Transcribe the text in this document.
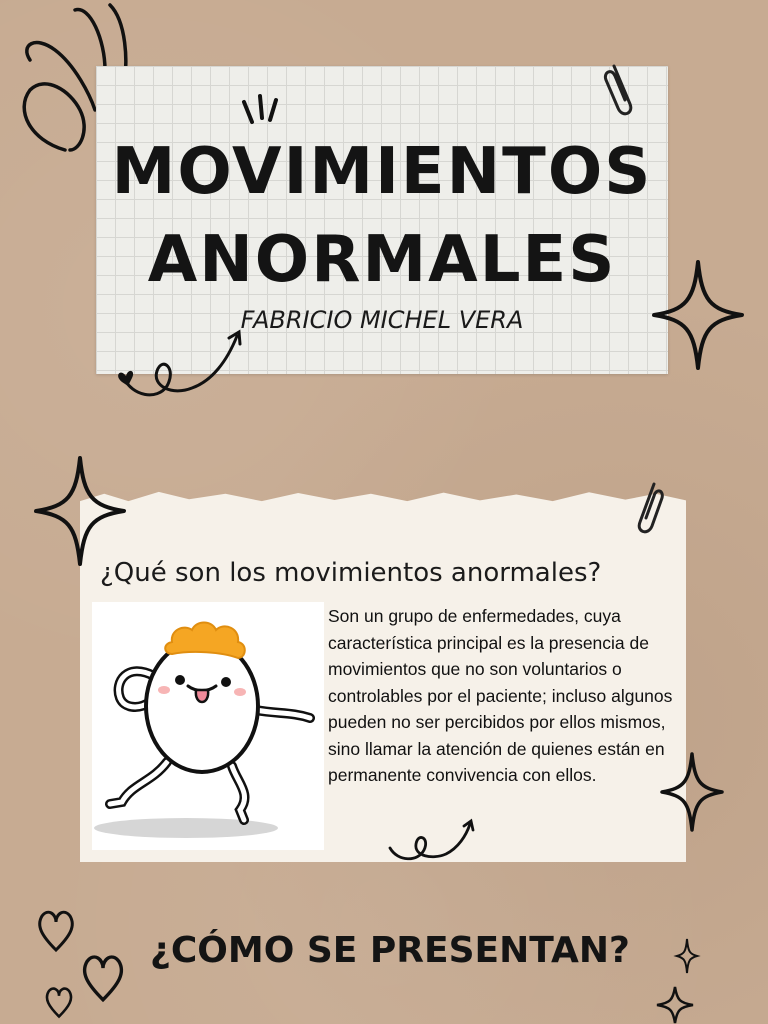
MOVIMIENTOS
ANORMALES
FABRICIO MICHEL VERA
¿Qué son los movimientos anormales?
Son un grupo de enfermedades, cuya característica principal es la presencia de movimientos que no son voluntarios o controlables por el paciente; incluso algunos pueden no ser percibidos por ellos mismos, sino llamar la atención de quienes están en permanente convivencia con ellos.
¿CÓMO SE PRESENTAN?
